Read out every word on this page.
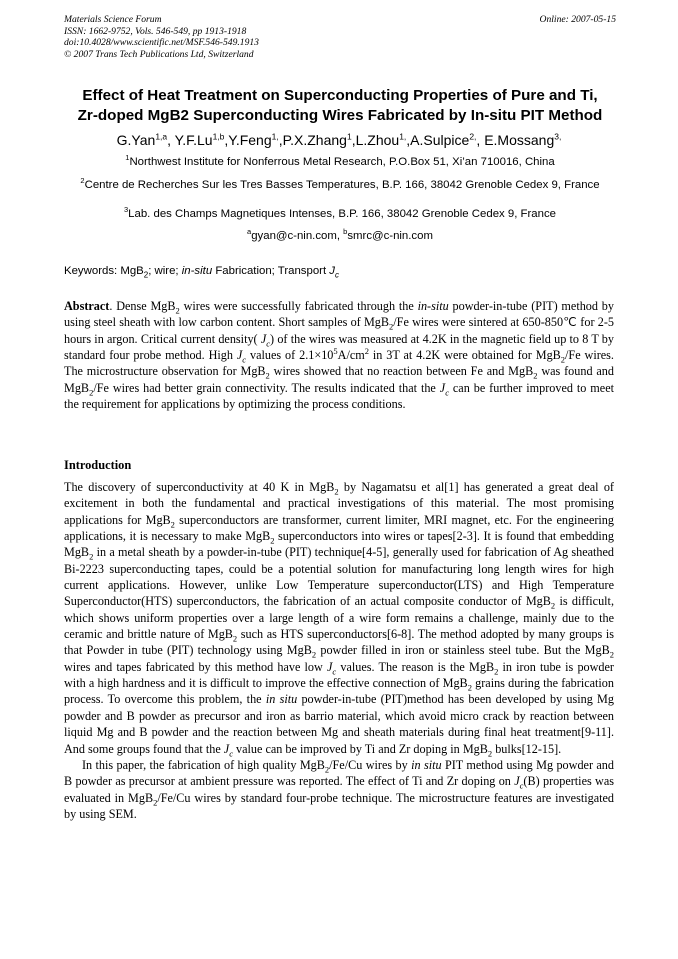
Materials Science Forum
ISSN: 1662-9752, Vols. 546-549, pp 1913-1918
doi:10.4028/www.scientific.net/MSF.546-549.1913
© 2007 Trans Tech Publications Ltd, Switzerland
Online: 2007-05-15
Effect of Heat Treatment on Superconducting Properties of Pure and Ti,
Zr-doped MgB2 Superconducting Wires Fabricated by In-situ PIT Method
G.Yan$^{1,a}$, Y.F.Lu$^{1,b}$,Y.Feng$^{1,}$,P.X.Zhang$^1$,L.Zhou$^{1,}$,A.Sulpice$^{2,}$, E.Mossang$^{3,}$
$^1$Northwest Institute for Nonferrous Metal Research, P.O.Box 51, Xi’an 710016, China
$^2$Centre de Recherches Sur les Tres Basses Temperatures, B.P. 166, 38042 Grenoble Cedex 9, France
$^3$Lab. des Champs Magnetiques Intenses, B.P. 166, 38042 Grenoble Cedex 9, France
$^a$gyan@c-nin.com, $^b$smrc@c-nin.com
Keywords: MgB$_2$; wire; in-situ Fabrication; Transport $J_c$
Abstract. Dense MgB$_2$ wires were successfully fabricated through the in-situ powder-in-tube (PIT) method by using steel sheath with low carbon content. Short samples of MgB$_2$/Fe wires were sintered at 650-850℃ for 2-5 hours in argon. Critical current density( $J_c$) of the wires was measured at 4.2K in the magnetic field up to 8 T by standard four probe method. High $J_c$ values of $2.1\times 10^5A/cm^2$ in 3T at 4.2K were obtained for MgB$_2$/Fe wires. The microstructure observation for MgB$_2$ wires showed that no reaction between Fe and MgB$_2$ was found and MgB$_2$/Fe wires had better grain connectivity. The results indicated that the $J_c$ can be further improved to meet the requirement for applications by optimizing the process conditions.
Introduction
The discovery of superconductivity at 40 K in MgB$_2$ by Nagamatsu et al[1] has generated a great deal of excitement in both the fundamental and practical investigations of this material. The most promising applications for MgB$_2$ superconductors are transformer, current limiter, MRI magnet, etc. For the engineering applications, it is necessary to make MgB$_2$ superconductors into wires or tapes[2-3]. It is found that embedding MgB$_2$ in a metal sheath by a powder-in-tube (PIT) technique[4-5], generally used for fabrication of Ag sheathed Bi-2223 superconducting tapes, could be a potential solution for manufacturing long length wires for high current applications. However, unlike Low Temperature superconductor(LTS) and High Temperature Superconductor(HTS) superconductors, the fabrication of an actual composite conductor of MgB$_2$ is difficult, which shows uniform properties over a large length of a wire form remains a challenge, mainly due to the ceramic and brittle nature of MgB$_2$ such as HTS superconductors[6-8]. The method adopted by many groups is that Powder in tube (PIT) technology using MgB$_2$ powder filled in iron or stainless steel tube. But the MgB$_2$ wires and tapes fabricated by this method have low $J_c$ values. The reason is the MgB$_2$ in iron tube is powder with a high hardness and it is difficult to improve the effective connection of MgB$_2$ grains during the fabrication process. To overcome this problem, the in situ powder-in-tube (PIT)method has been developed by using Mg powder and B powder as precursor and iron as barrio material, which avoid micro crack by reaction between liquid Mg and B powder and the reaction between Mg and sheath materials during final heat treatment[9-11]. And some groups found that the $J_c$ value can be improved by Ti and Zr doping in MgB$_2$ bulks[12-15].
In this paper, the fabrication of high quality MgB$_2$/Fe/Cu wires by in situ PIT method using Mg powder and B powder as precursor at ambient pressure was reported. The effect of Ti and Zr doping on $J_c(B)$ properties was evaluated in MgB$_2$/Fe/Cu wires by standard four-probe technique. The microstructure features are investigated by using SEM.
